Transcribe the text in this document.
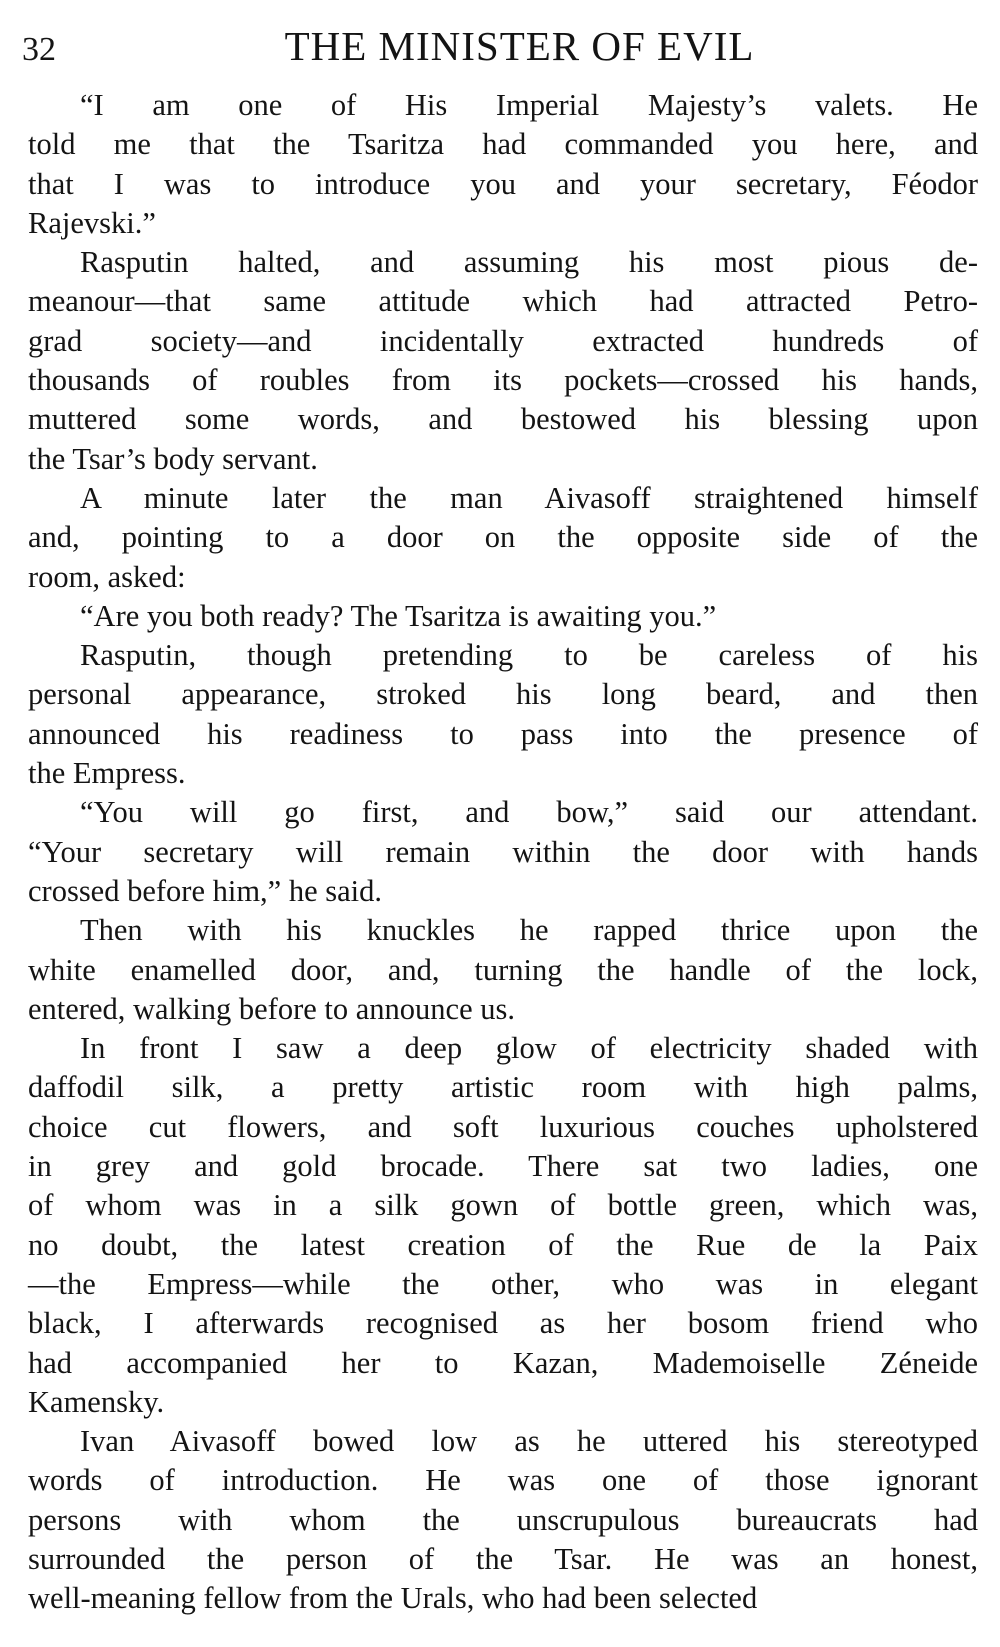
32	THE MINISTER OF EVIL
“I am one of His Imperial Majesty’s valets. He
told me that the Tsaritza had commanded you here, and
that I was to introduce you and your secretary, Féodor
Rajevski.”
Rasputin halted, and assuming his most pious de-
meanour—that same attitude which had attracted Petro-
grad society—and incidentally extracted hundreds of
thousands of roubles from its pockets—crossed his hands,
muttered some words, and bestowed his blessing upon
the Tsar’s body servant.
A minute later the man Aivasoff straightened himself
and, pointing to a door on the opposite side of the
room, asked:
“Are you both ready? The Tsaritza is awaiting you.”
Rasputin, though pretending to be careless of his
personal appearance, stroked his long beard, and then
announced his readiness to pass into the presence of
the Empress.
“You will go first, and bow,” said our attendant.
“Your secretary will remain within the door with hands
crossed before him,” he said.
Then with his knuckles he rapped thrice upon the
white enamelled door, and, turning the handle of the lock,
entered, walking before to announce us.
In front I saw a deep glow of electricity shaded with
daffodil silk, a pretty artistic room with high palms,
choice cut flowers, and soft luxurious couches upholstered
in grey and gold brocade. There sat two ladies, one
of whom was in a silk gown of bottle green, which was,
no doubt, the latest creation of the Rue de la Paix
—the Empress—while the other, who was in elegant
black, I afterwards recognised as her bosom friend who
had accompanied her to Kazan, Mademoiselle Zéneide
Kamensky.
Ivan Aivasoff bowed low as he uttered his stereotyped
words of introduction. He was one of those ignorant
persons with whom the unscrupulous bureaucrats had
surrounded the person of the Tsar. He was an honest,
well-meaning fellow from the Urals, who had been selected
